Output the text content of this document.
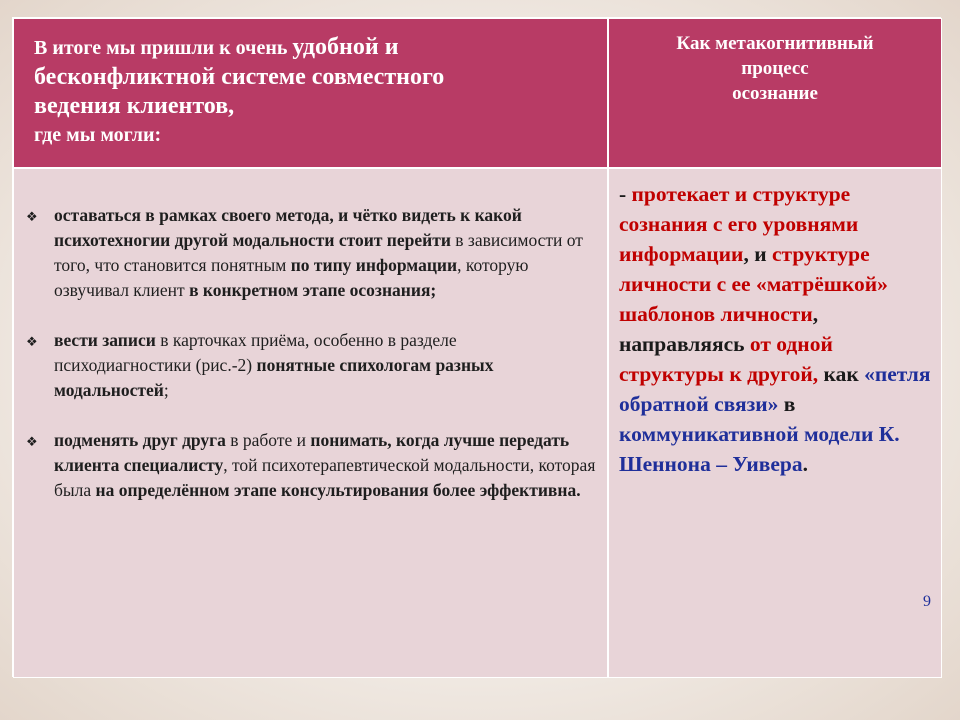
В итоге мы пришли к очень удобной и
бесконфликтной системе совместного
ведения клиентов,
где мы могли:
Как метакогнитивный
процесс
осознание
❖ оставаться в рамках своего метода, и чётко видеть к какой психотехногии другой модальности стоит перейти в зависимости от того, что становится понятным по типу информации, которую озвучивал клиент в конкретном этапе осознания;
❖ вести записи в карточках приёма, особенно в разделе психодиагностики (рис.-2) понятные спихологам разных модальностей;
❖ подменять друг друга в работе и понимать, когда лучше передать клиента специалисту, той психотерапевтической модальности, которая была на определённом этапе консультирования более эффективна.
- протекает и структуре сознания с его уровнями информации, и структуре личности с ее «матрёшкой» шаблонов личности, направляясь от одной структуры к другой, как «петля обратной связи» в коммуникативной модели К. Шеннона – Уивера.
9
